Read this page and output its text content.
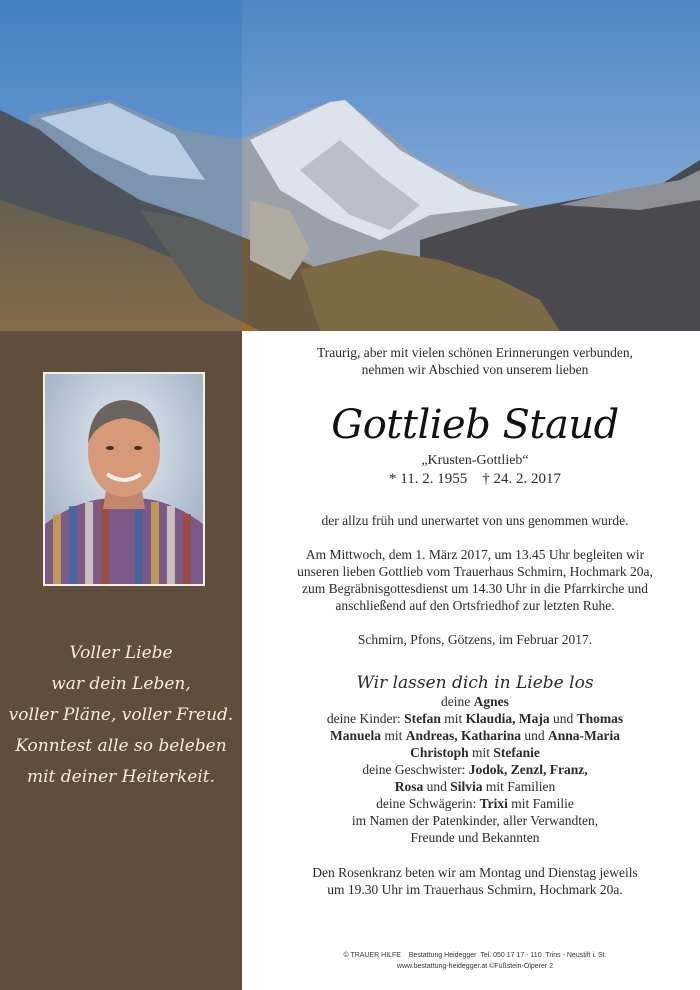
Voller Liebe
war dein Leben,
voller Pläne, voller Freud.
Konntest alle so beleben
mit deiner Heiterkeit.

Traurig, aber mit vielen schönen Erinnerungen verbunden,

nehmen wir Abschied von unserem lieben

Gottlieb Staud
„Krusten-Gottlieb“
* 11. 2. 1955    † 24. 2. 2017
der allzu früh und unerwartet von uns genommen wurde.

Am Mittwoch, dem 1. März 2017, um 13.45 Uhr begleiten wir

unseren lieben Gottlieb vom Trauerhaus Schmirn, Hochmark 20a,

zum Begräbnisgottesdienst um 14.30 Uhr in die Pfarrkirche und

anschließend auf den Ortsfriedhof zur letzten Ruhe.

Schmirn, Pfons, Götzens, im Februar 2017.
Wir lassen dich in Liebe los

deine Agnes

deine Kinder: Stefan mit Klaudia, Maja und Thomas

Manuela mit Andreas, Katharina und Anna-Maria

Christoph mit Stefanie

deine Geschwister: Jodok, Zenzl, Franz,

Rosa und Silvia mit Familien

deine Schwägerin: Trixi mit Familie

im Namen der Patenkinder, aller Verwandten,

Freunde und Bekannten

Den Rosenkranz beten wir am Montag und Dienstag jeweils

um 19.30 Uhr im Trauerhaus Schmirn, Hochmark 20a.

© TRAUER HILFE    Bestattung Heidegger  Tel. 050 17 17 - 110  Trins - Neustift i. St.
www.bestattung-heidegger.at ©Fußstein-Olperer 2
